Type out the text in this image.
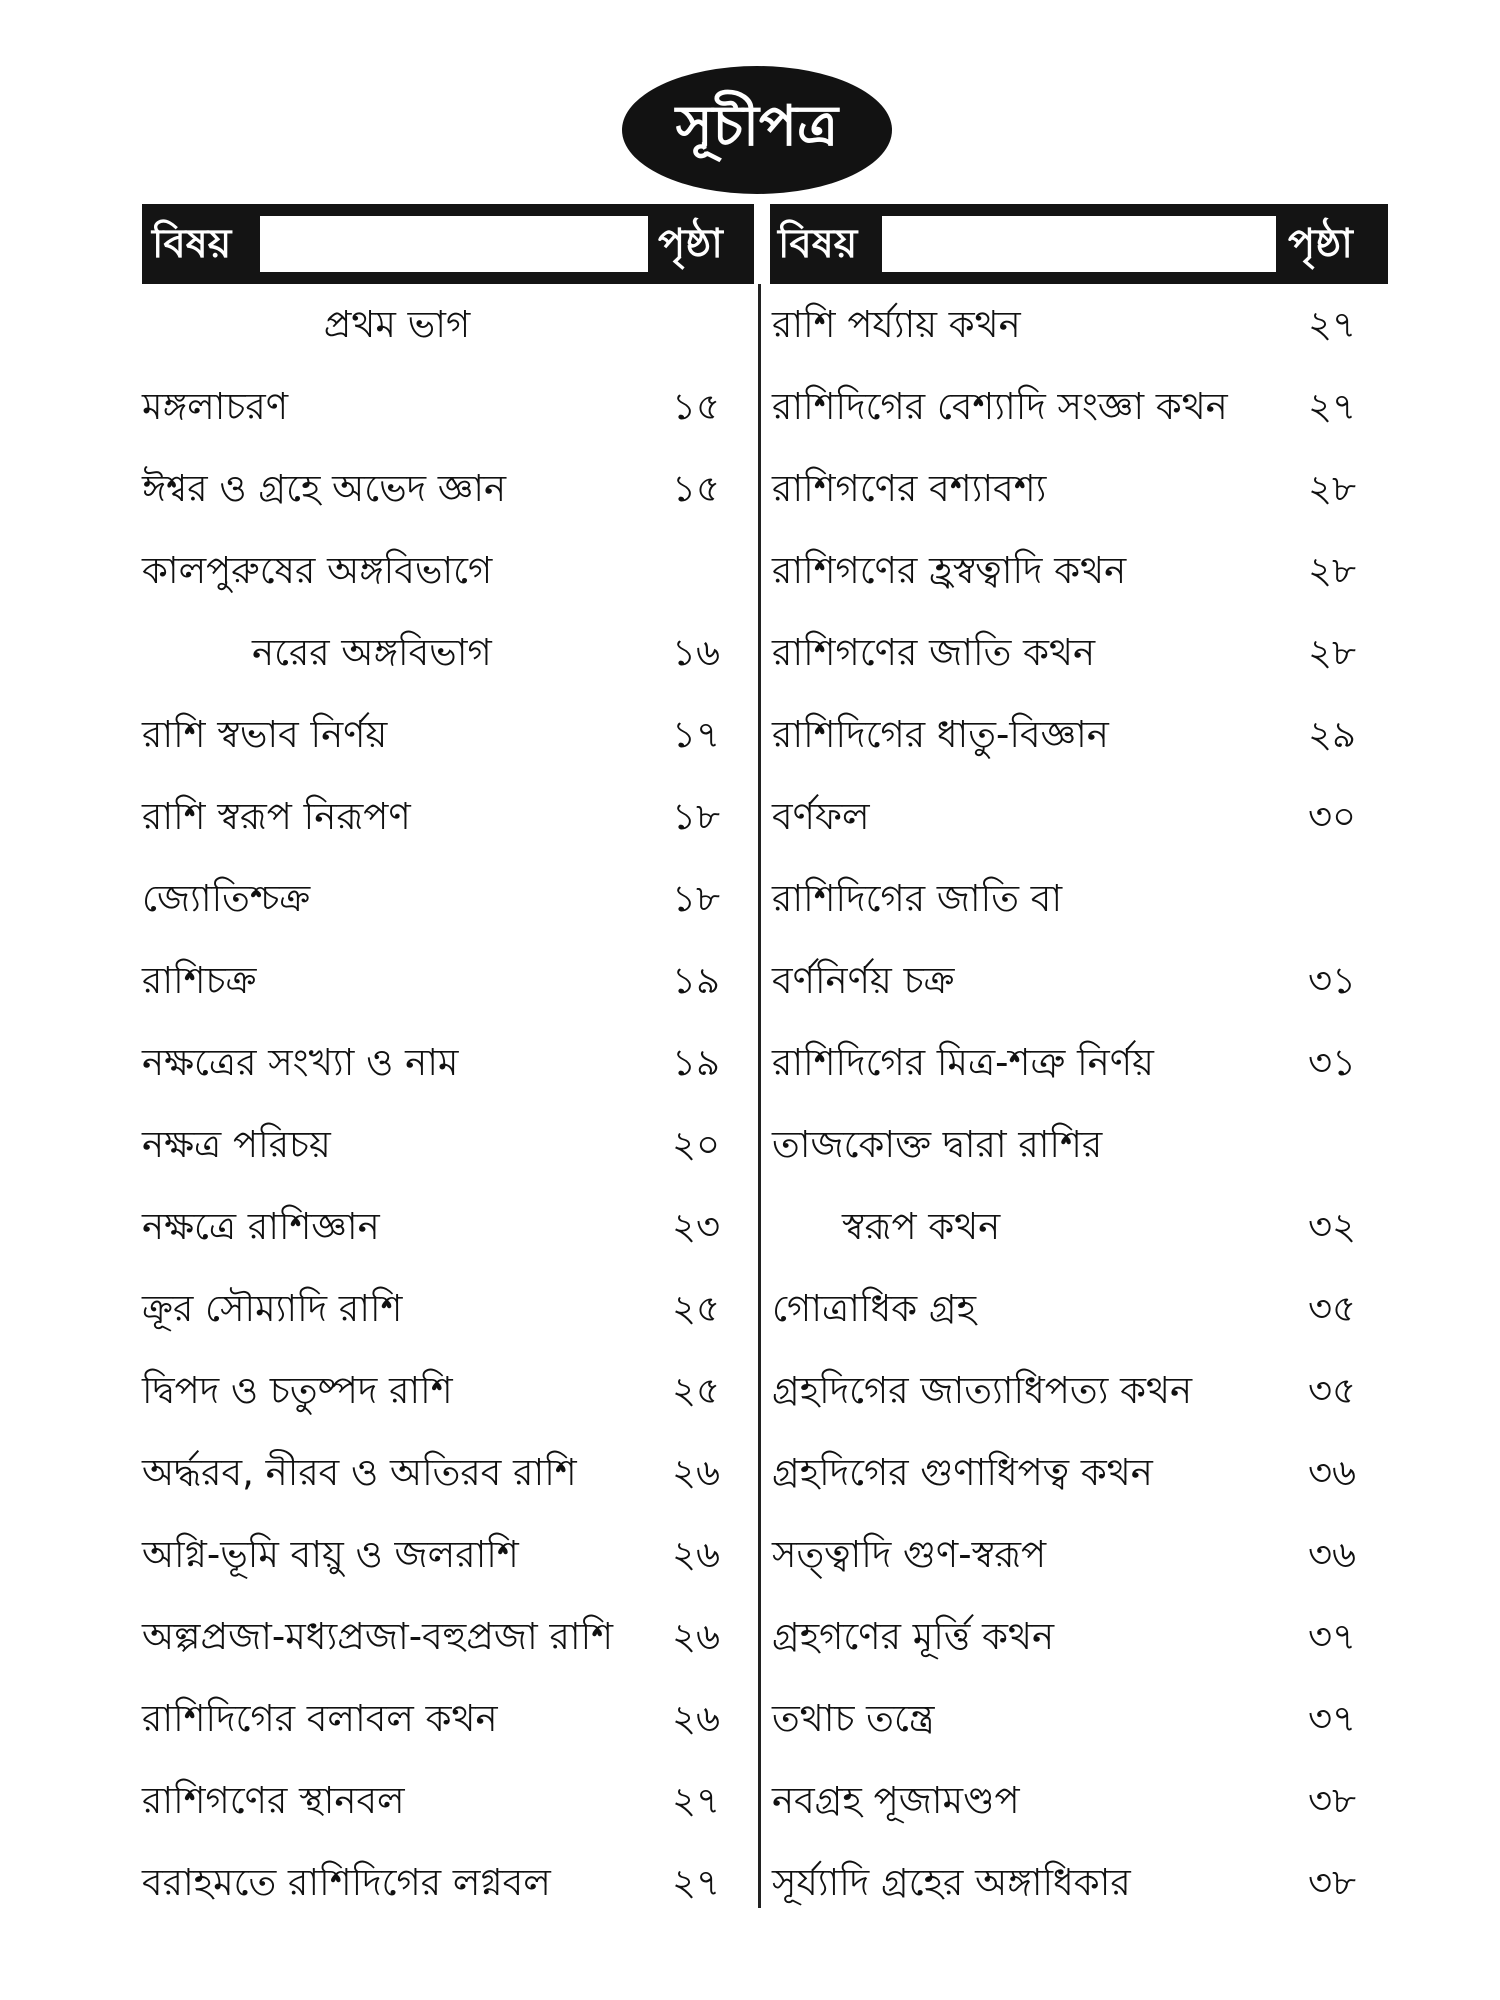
সূচীপত্র
বিষয়	পৃষ্ঠা বিষয়	পৃষ্ঠা
প্রথম ভাগ
মঙ্গলাচরণ	১৫
ঈশ্বর ও গ্রহে অভেদ জ্ঞান	১৫
কালপুরুষের অঙ্গবিভাগে
নরের অঙ্গবিভাগ	১৬
রাশি স্বভাব নির্ণয়	১৭
রাশি স্বরূপ নিরূপণ	১৮
জ্যোতিশ্চক্র	১৮
রাশিচক্র	১৯
নক্ষত্রের সংখ্যা ও নাম	১৯
নক্ষত্র পরিচয়	২০
নক্ষত্রে রাশিজ্ঞান	২৩
ক্রূর সৌম্যাদি রাশি	২৫
দ্বিপদ ও চতুষ্পদ রাশি	২৫
অর্দ্ধরব, নীরব ও অতিরব রাশি	২৬
অগ্নি-ভূমি বায়ু ও জলরাশি	২৬
অল্পপ্রজা-মধ্যপ্রজা-বহুপ্রজা রাশি ২৬
রাশিদিগের বলাবল কথন	২৬
রাশিগণের স্থানবল	২৭
বরাহমতে রাশিদিগের লগ্নবল	২৭
রাশি পর্য্যায় কথন	২৭
রাশিদিগের বেশ্যাদি সংজ্ঞা কথন ২৭
রাশিগণের বশ্যাবশ্য	২৮
রাশিগণের হ্রস্বত্বাদি কথন	২৮
রাশিগণের জাতি কথন	২৮
রাশিদিগের ধাতু-বিজ্ঞান	২৯
বর্ণফল	৩০
রাশিদিগের জাতি বা
বর্ণনির্ণয় চক্র	৩১
রাশিদিগের মিত্র-শত্রু নির্ণয়	৩১
তাজকোক্ত দ্বারা রাশির
স্বরূপ কথন	৩২
গোত্রাধিক গ্রহ	৩৫
গ্রহদিগের জাত্যাধিপত্য কথন	৩৫
গ্রহদিগের গুণাধিপত্ব কথন	৩৬
সত্ত্বাদি গুণ-স্বরূপ	৩৬
গ্রহগণের মূর্ত্তি কথন	৩৭
তথাচ তন্ত্রে	৩৭
নবগ্রহ পূজামণ্ডপ	৩৮
সূর্য্যাদি গ্রহের অঙ্গাধিকার	৩৮
